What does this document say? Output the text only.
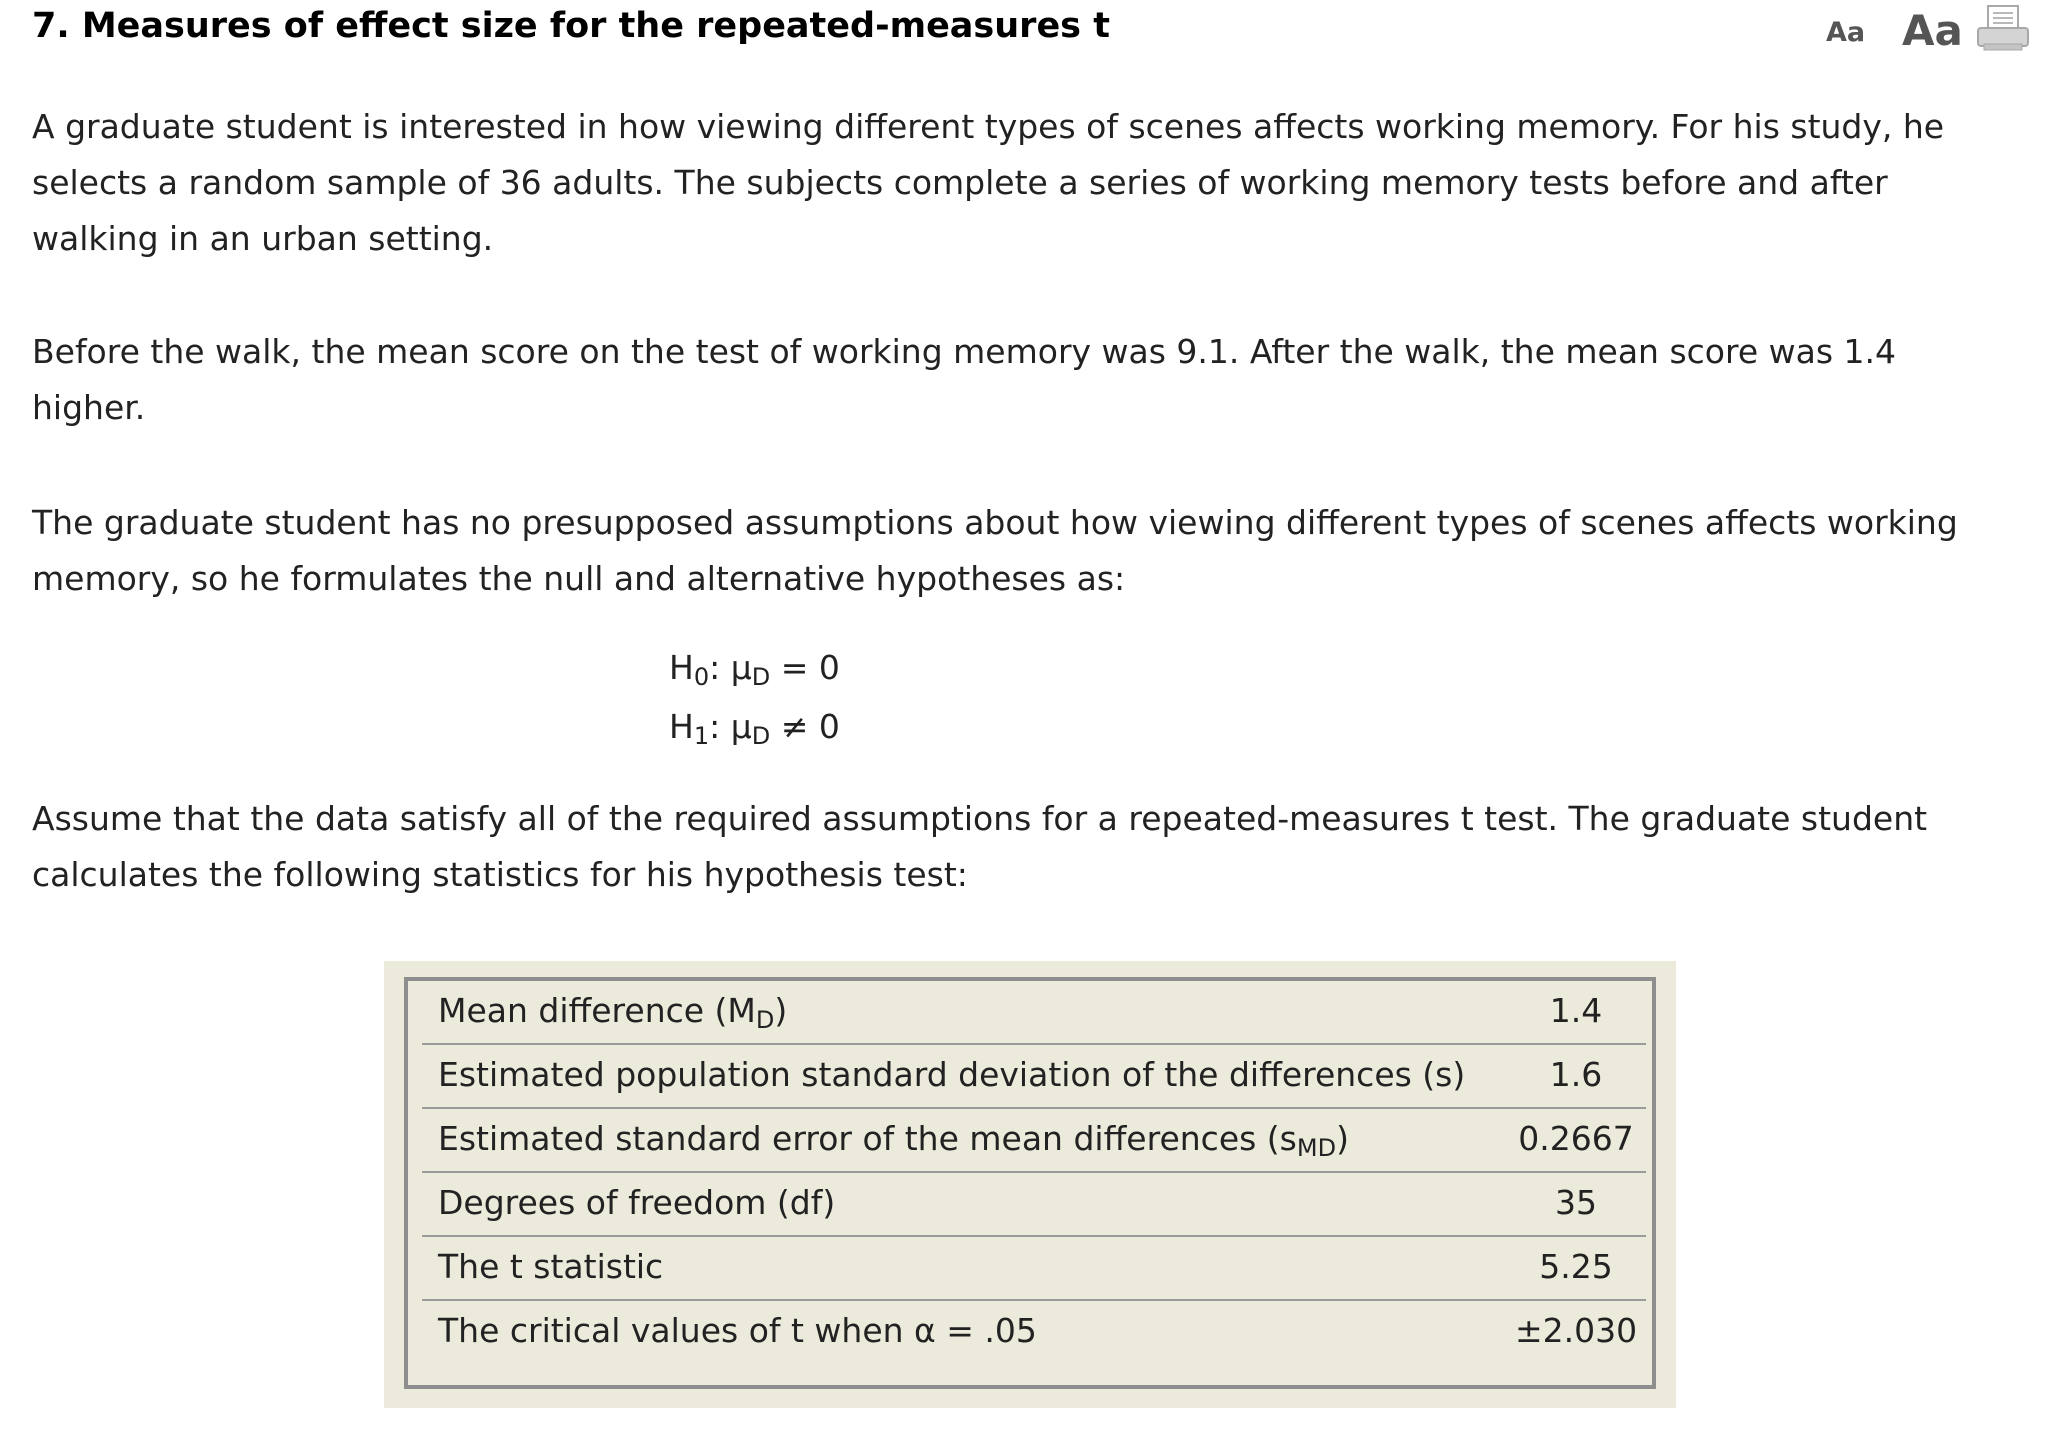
7. Measures of effect size for the repeated-measures t	Aa Aa
A graduate student is interested in how viewing different types of scenes affects working memory. For his study, he selects a random sample of 36 adults. The subjects complete a series of working memory tests before and after walking in an urban setting.
Before the walk, the mean score on the test of working memory was 9.1. After the walk, the mean score was 1.4 higher.
The graduate student has no presupposed assumptions about how viewing different types of scenes affects working memory, so he formulates the null and alternative hypotheses as:
$H_0$: $\mu_D = 0$
$H_1$: $\mu_D \ne 0$
Assume that the data satisfy all of the required assumptions for a repeated-measures t test. The graduate student calculates the following statistics for his hypothesis test:
Mean difference $(M_D)$	1.4
Estimated population standard deviation of the differences (s)	1.6
Estimated standard error of the mean differences $(s_{MD})$	0.2667
Degrees of freedom (df)	35
The t statistic	5.25
The critical values of t when α = .05	±2.030
